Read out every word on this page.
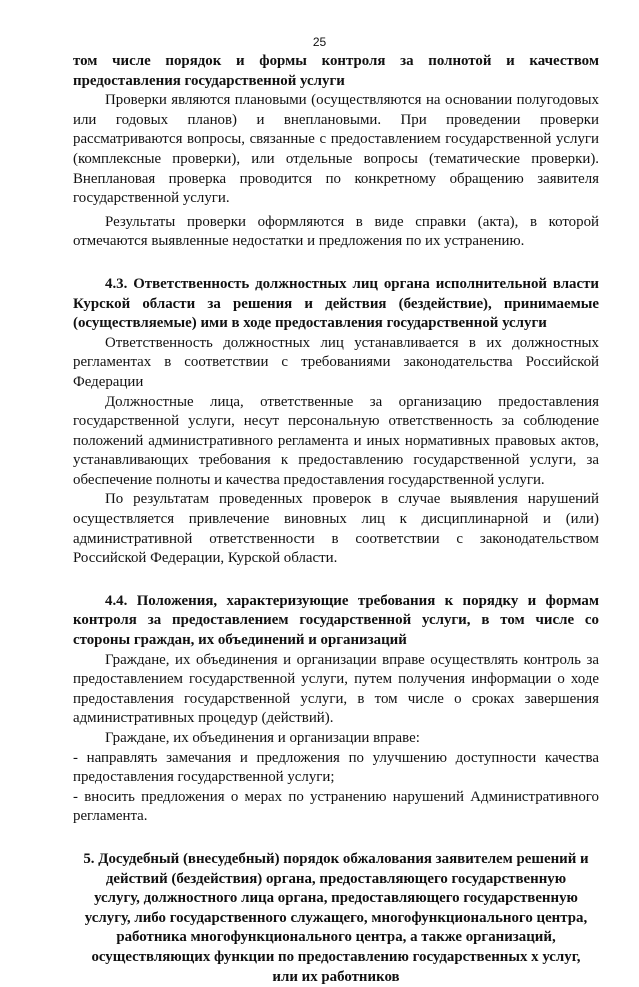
25

том числе порядок и формы контроля за полнотой и качеством предоставления государственной услуги

Проверки являются плановыми (осуществляются на основании полугодовых или годовых планов) и внеплановыми. При проведении проверки рассматриваются вопросы, связанные с предоставлением государственной услуги (комплексные проверки), или отдельные вопросы (тематические проверки). Внеплановая проверка проводится по конкретному обращению заявителя государственной услуги.

Результаты проверки оформляются в виде справки (акта), в которой отмечаются выявленные недостатки и предложения по их устранению.

4.3. Ответственность должностных лиц органа исполнительной власти Курской области за решения и действия (бездействие), принимаемые (осуществляемые) ими в ходе предоставления государственной услуги

Ответственность должностных лиц устанавливается в их должностных регламентах в соответствии с требованиями законодательства Российской Федерации

Должностные лица, ответственные за организацию предоставления государственной услуги, несут персональную ответственность за соблюдение положений административного регламента и иных нормативных правовых актов, устанавливающих требования к предоставлению государственной услуги, за обеспечение полноты и качества предоставления государственной услуги.

По результатам проведенных проверок в случае выявления нарушений осуществляется привлечение виновных лиц к дисциплинарной и (или) административной ответственности в соответствии с законодательством Российской Федерации, Курской области.

4.4. Положения, характеризующие требования к порядку и формам контроля за предоставлением государственной услуги, в том числе со стороны граждан, их объединений и организаций

Граждане, их объединения и организации вправе осуществлять контроль за предоставлением государственной услуги, путем получения информации о ходе предоставления государственной услуги, в том числе о сроках завершения административных процедур (действий).

Граждане, их объединения и организации вправе:

- направлять замечания и предложения по улучшению доступности качества предоставления государственной услуги;

- вносить предложения о мерах по устранению нарушений Административного регламента.

5. Досудебный (внесудебный) порядок обжалования заявителем решений и действий (бездействия) органа, предоставляющего государственную услугу, должностного лица органа, предоставляющего государственную услугу, либо государственного служащего, многофункционального центра, работника многофункционального центра, а также организаций, осуществляющих функции по предоставлению государственных х услуг, или их работников
